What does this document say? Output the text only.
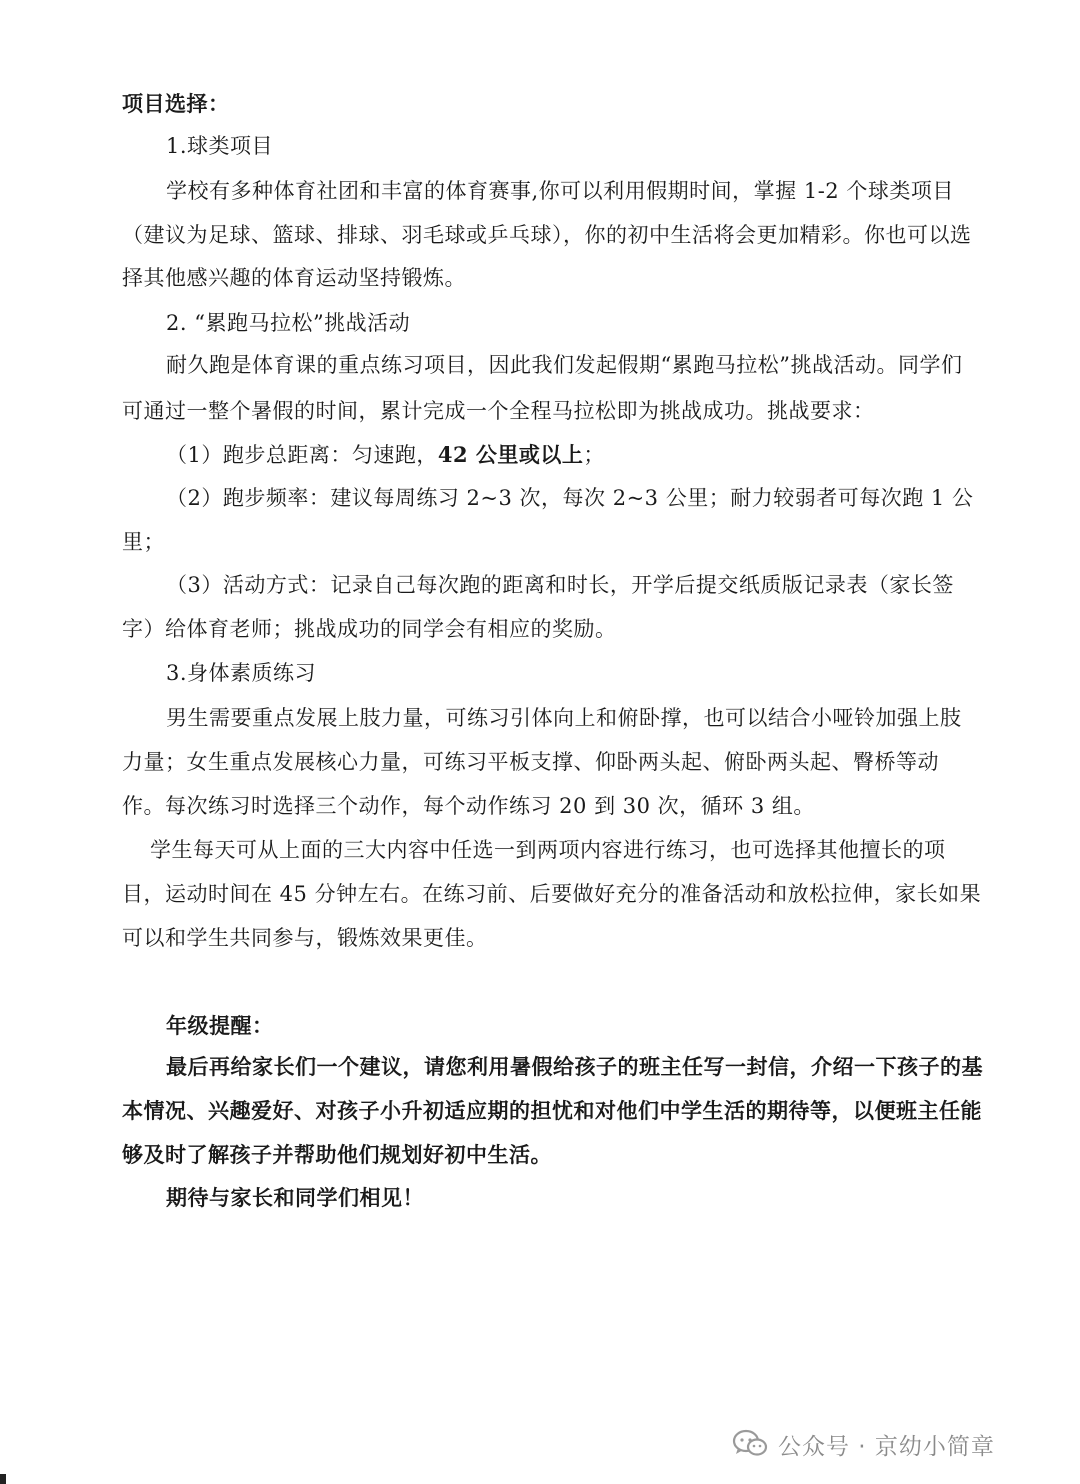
项目选择：
1.球类项目
学校有多种体育社团和丰富的体育赛事,你可以利用假期时间，掌握 1-2 个球类项目
（建议为足球、篮球、排球、羽毛球或乒乓球），你的初中生活将会更加精彩。你也可以选
择其他感兴趣的体育运动坚持锻炼。
2. “累跑马拉松”挑战活动
耐久跑是体育课的重点练习项目，因此我们发起假期“累跑马拉松”挑战活动。同学们
可通过一整个暑假的时间，累计完成一个全程马拉松即为挑战成功。挑战要求：
（1）跑步总距离：匀速跑，42 公里或以上；
（2）跑步频率：建议每周练习 2~3 次，每次 2~3 公里；耐力较弱者可每次跑 1 公
里；
（3）活动方式：记录自己每次跑的距离和时长，开学后提交纸质版记录表（家长签
字）给体育老师；挑战成功的同学会有相应的奖励。
3.身体素质练习
男生需要重点发展上肢力量，可练习引体向上和俯卧撑，也可以结合小哑铃加强上肢
力量；女生重点发展核心力量，可练习平板支撑、仰卧两头起、俯卧两头起、臀桥等动
作。每次练习时选择三个动作，每个动作练习 20 到 30 次，循环 3 组。
学生每天可从上面的三大内容中任选一到两项内容进行练习，也可选择其他擅长的项
目，运动时间在 45 分钟左右。在练习前、后要做好充分的准备活动和放松拉伸，家长如果
可以和学生共同参与，锻炼效果更佳。
年级提醒：
最后再给家长们一个建议，请您利用暑假给孩子的班主任写一封信，介绍一下孩子的基
本情况、兴趣爱好、对孩子小升初适应期的担忧和对他们中学生活的期待等，以便班主任能
够及时了解孩子并帮助他们规划好初中生活。
期待与家长和同学们相见！
公众号 · 京幼小简章
